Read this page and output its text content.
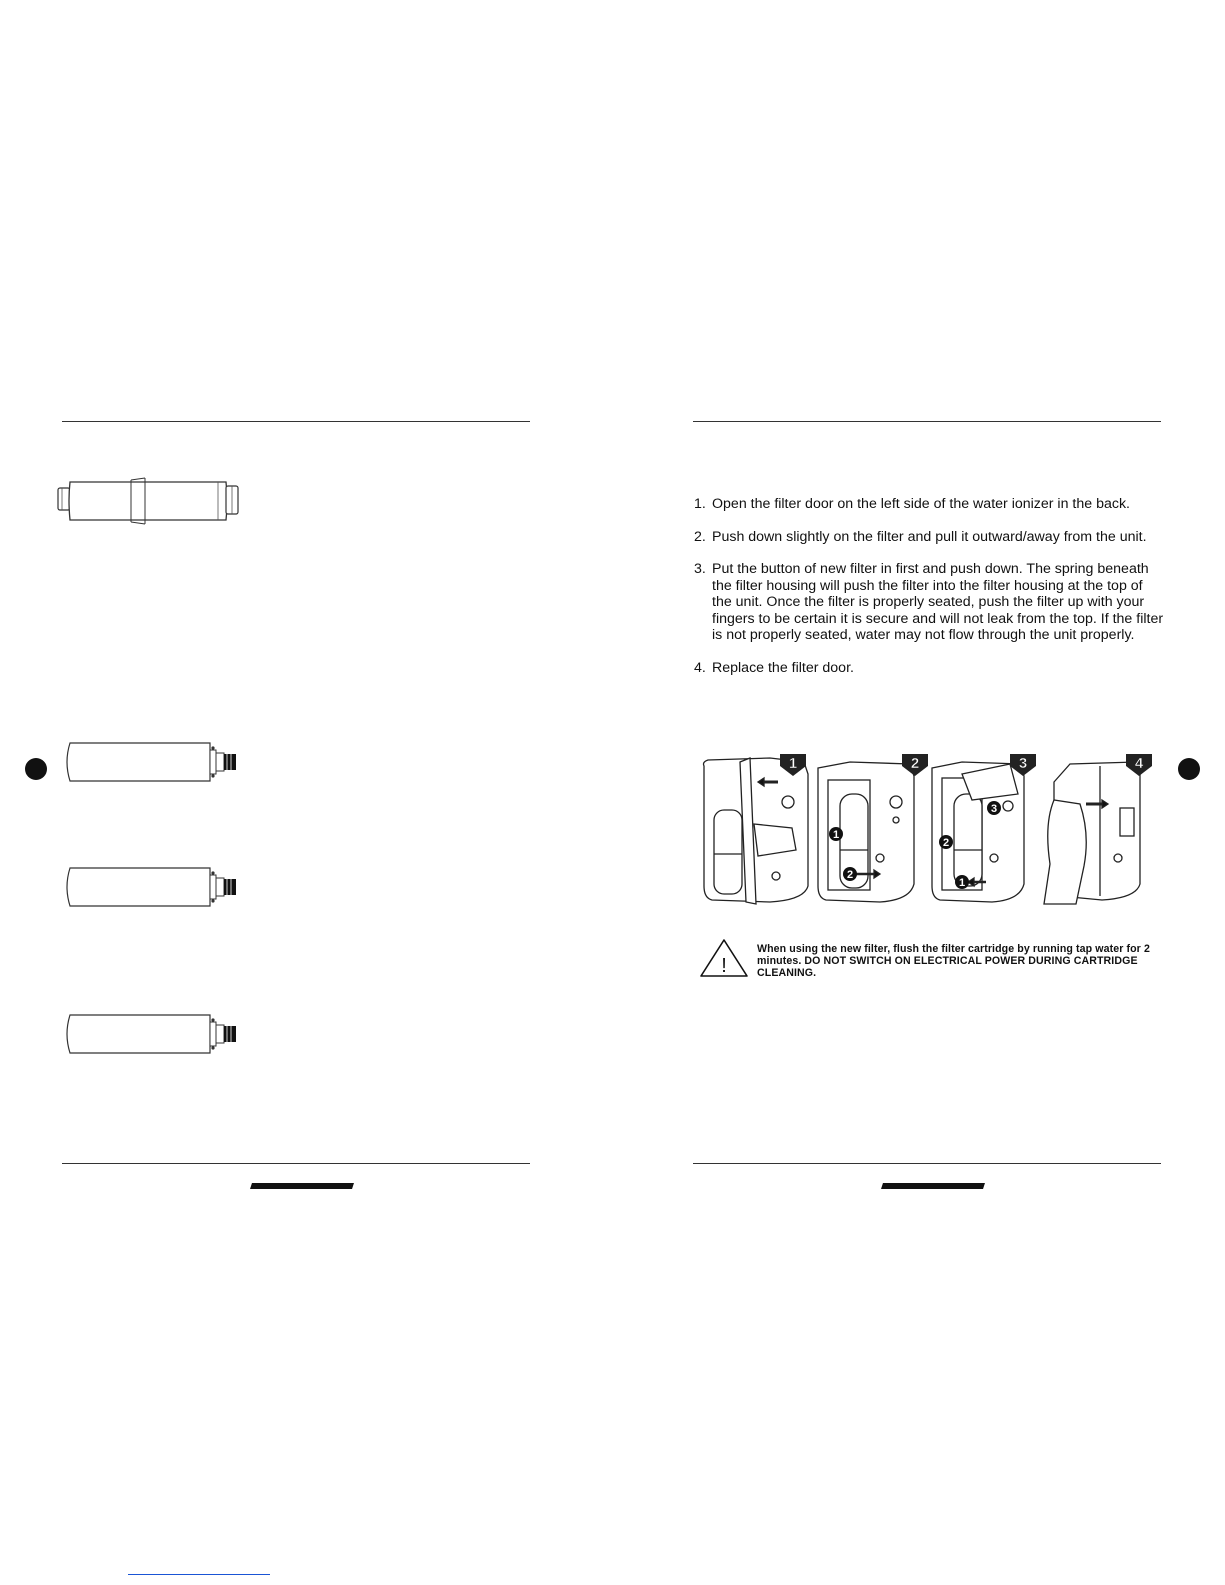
1. Open the filter door on the left side of the water ionizer in the back.
2. Push down slightly on the filter and pull it outward/away from the unit.
3. Put the button of new filter in first and push down. The spring beneath the filter housing will push the filter into the filter housing at the top of the unit. Once the filter is properly seated, push the filter up with your fingers to be certain it is secure and will not leak from the top. If the filter is not properly seated, water may not flow through the unit properly.
4. Replace the filter door.
1	2	3	4
1
2
2
3
1
!
When using the new filter, flush the filter cartridge by running tap water for 2 minutes. DO NOT SWITCH ON ELECTRICAL POWER DURING CARTRIDGE CLEANING.
